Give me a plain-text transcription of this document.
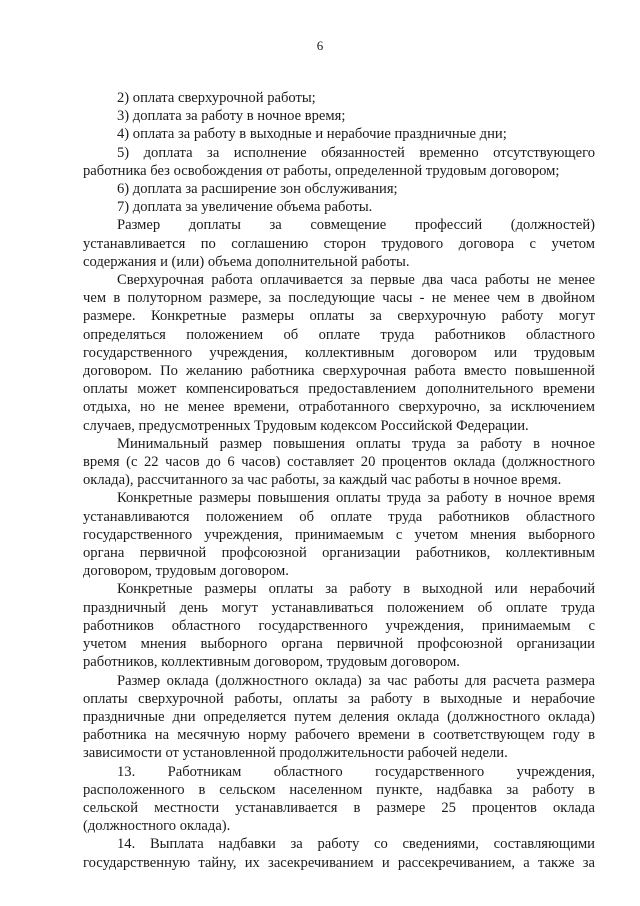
6

2) оплата сверхурочной работы;

3) доплата за работу в ночное время;

4) оплата за работу в выходные и нерабочие праздничные дни;

5) доплата за исполнение обязанностей временно отсутствующего
работника без освобождения от работы, определенной трудовым договором;

6) доплата за расширение зон обслуживания;

7) доплата за увеличение объема работы.

Размер доплаты за совмещение профессий (должностей)
устанавливается по соглашению сторон трудового договора с учетом
содержания и (или) объема дополнительной работы.

Сверхурочная работа оплачивается за первые два часа работы не менее
чем в полуторном размере, за последующие часы - не менее чем в двойном
размере. Конкретные размеры оплаты за сверхурочную работу могут
определяться положением об оплате труда работников областного
государственного учреждения, коллективным договором или трудовым
договором. По желанию работника сверхурочная работа вместо повышенной
оплаты может компенсироваться предоставлением дополнительного времени
отдыха, но не менее времени, отработанного сверхурочно, за исключением
случаев, предусмотренных Трудовым кодексом Российской Федерации.

Минимальный размер повышения оплаты труда за работу в ночное
время (с 22 часов до 6 часов) составляет 20 процентов оклада (должностного
оклада), рассчитанного за час работы, за каждый час работы в ночное время.

Конкретные размеры повышения оплаты труда за работу в ночное время
устанавливаются положением об оплате труда работников областного
государственного учреждения, принимаемым с учетом мнения выборного
органа первичной профсоюзной организации работников, коллективным
договором, трудовым договором.

Конкретные размеры оплаты за работу в выходной или нерабочий
праздничный день могут устанавливаться положением об оплате труда
работников областного государственного учреждения, принимаемым с
учетом мнения выборного органа первичной профсоюзной организации
работников, коллективным договором, трудовым договором.

Размер оклада (должностного оклада) за час работы для расчета размера
оплаты сверхурочной работы, оплаты за работу в выходные и нерабочие
праздничные дни определяется путем деления оклада (должностного оклада)
работника на месячную норму рабочего времени в соответствующем году в
зависимости от установленной продолжительности рабочей недели.

13. Работникам областного государственного учреждения,
расположенного в сельском населенном пункте, надбавка за работу в
сельской местности устанавливается в размере 25 процентов оклада
(должностного оклада).

14. Выплата надбавки за работу со сведениями, составляющими
государственную тайну, их засекречиванием и рассекречиванием, а также за
